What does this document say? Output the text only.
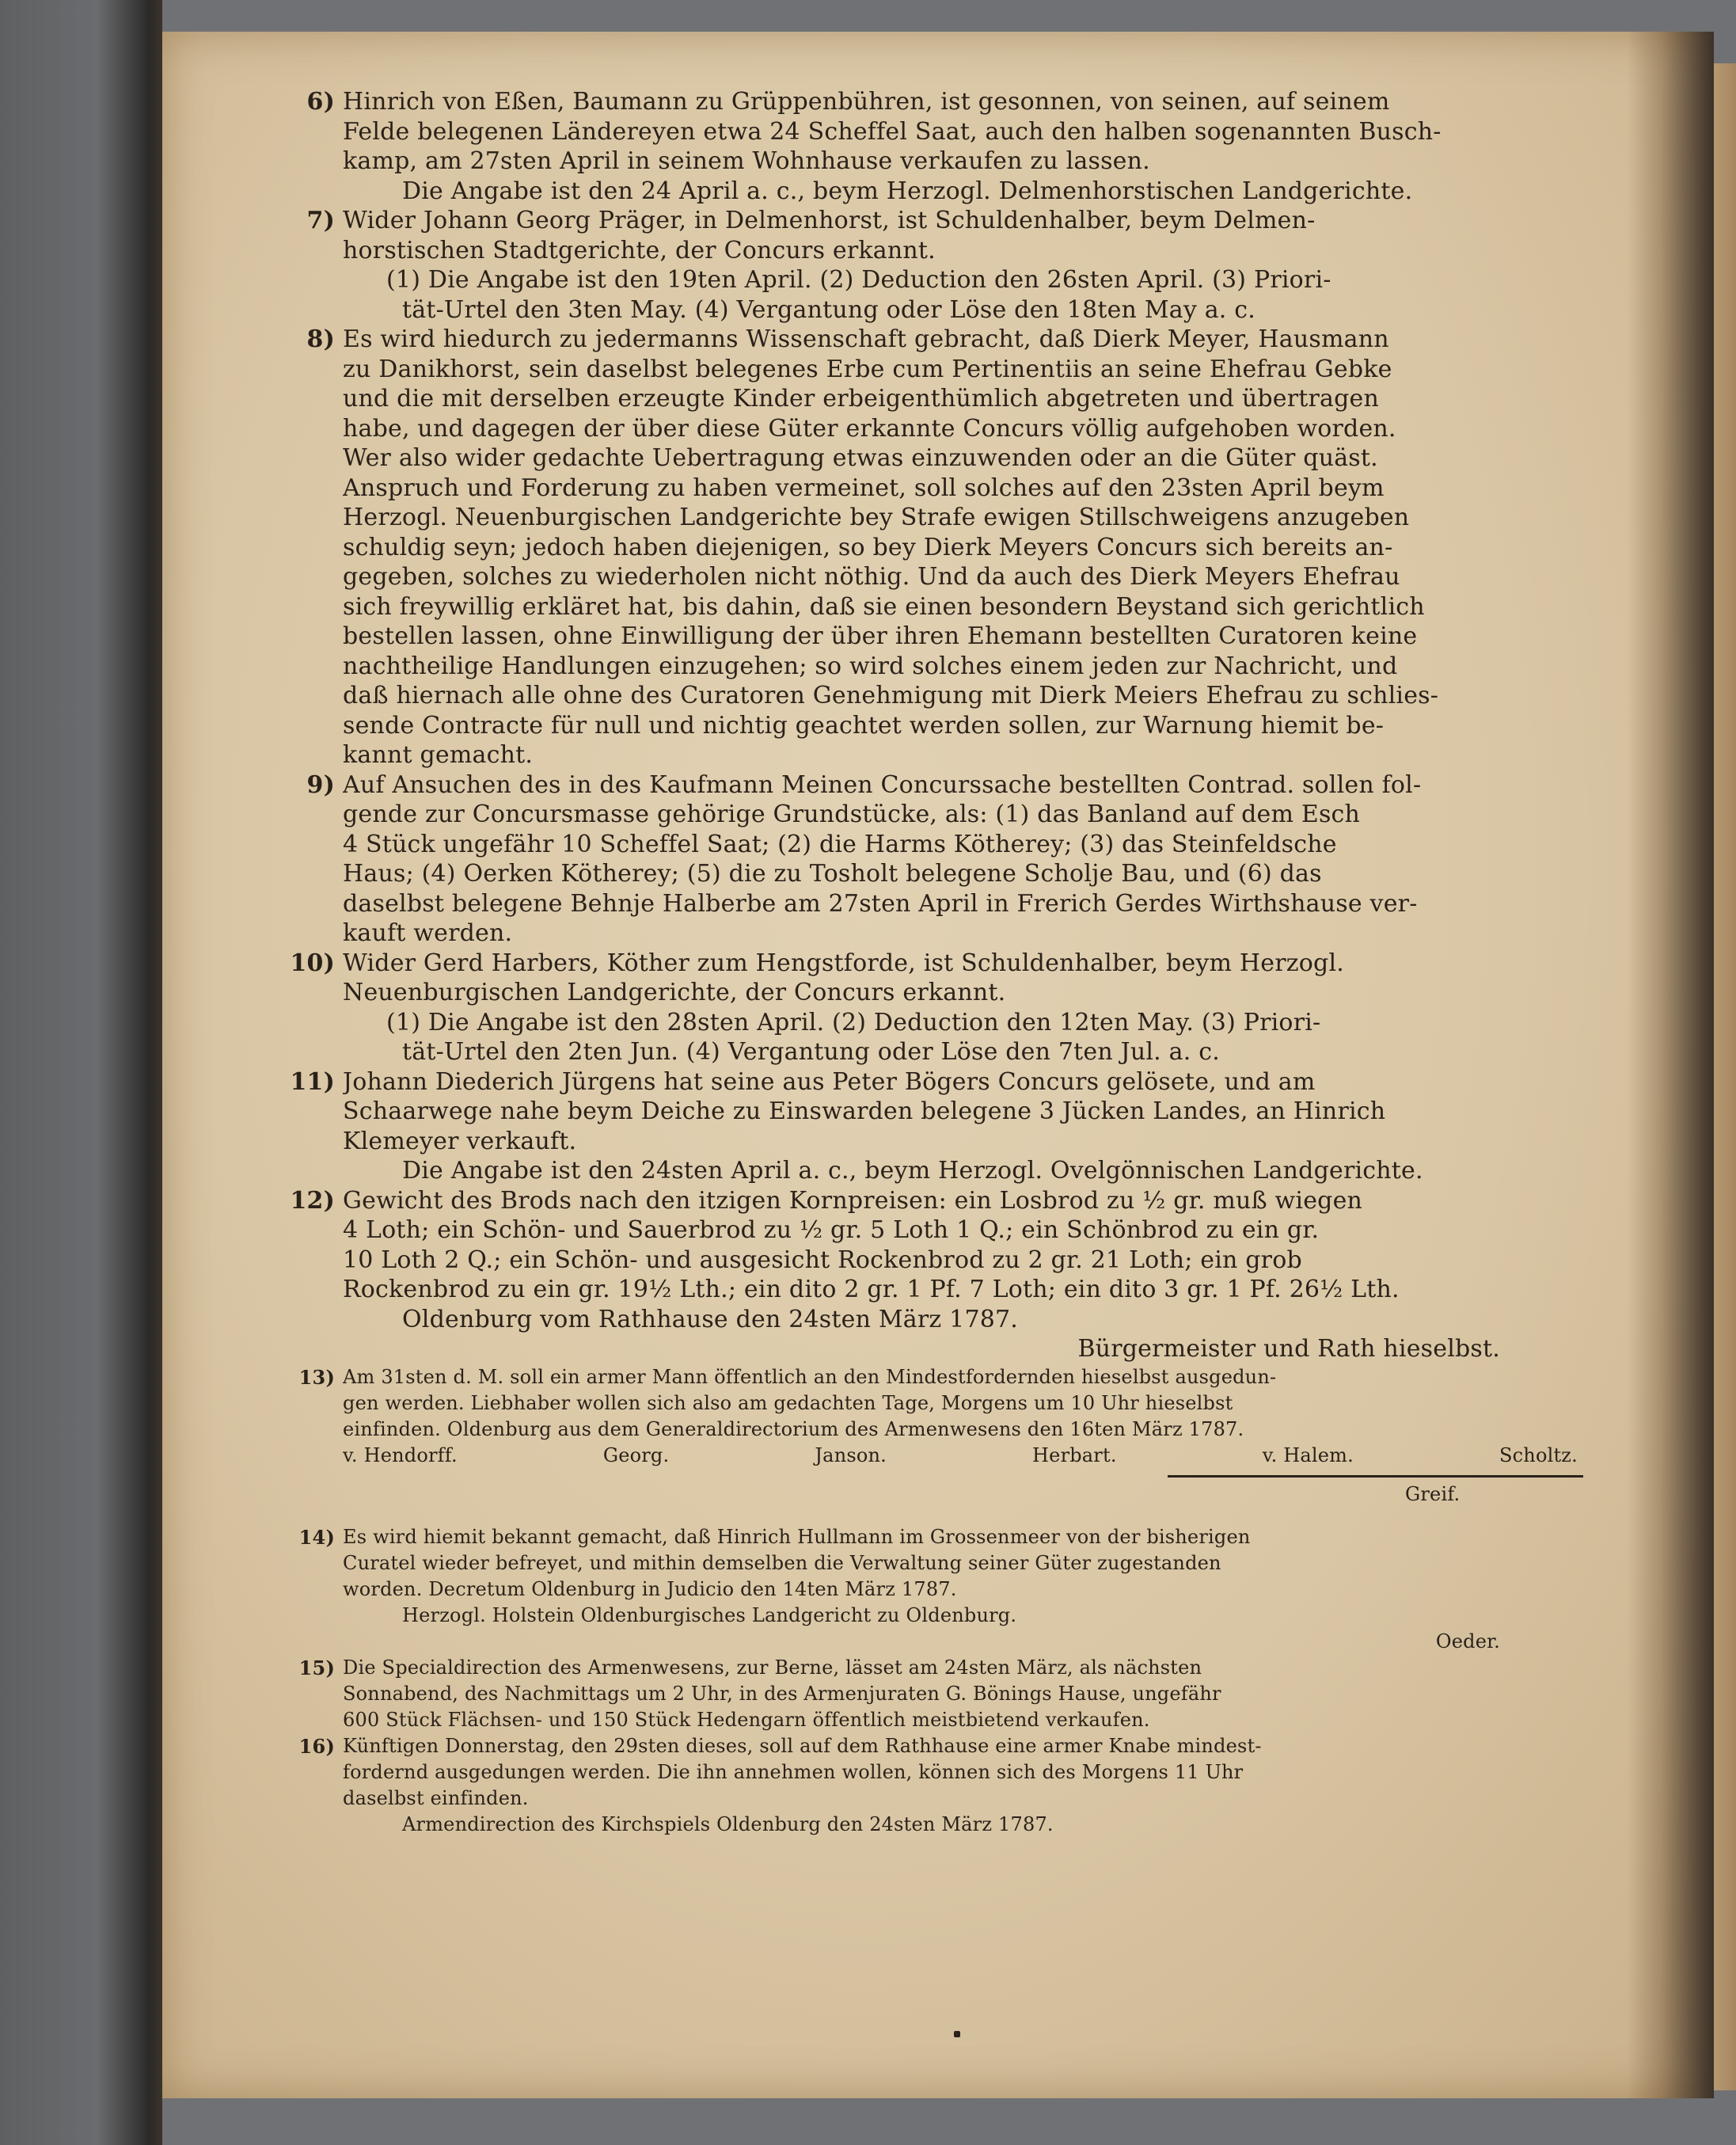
6) Hinrich von Eßen, Baumann zu Grüppenbühren, ist gesonnen, von seinen, auf seinem
Felde belegenen Ländereyen etwa 24 Scheffel Saat, auch den halben sogenannten Busch-
kamp, am 27sten April in seinem Wohnhause verkaufen zu lassen.
Die Angabe ist den 24 April a. c., beym Herzogl. Delmenhorstischen Landgerichte.
7) Wider Johann Georg Präger, in Delmenhorst, ist Schuldenhalber, beym Delmen-
horstischen Stadtgerichte, der Concurs erkannt.
(1) Die Angabe ist den 19ten April. (2) Deduction den 26sten April. (3) Priori-
tät-Urtel den 3ten May. (4) Vergantung oder Löse den 18ten May a. c.
8) Es wird hiedurch zu jedermanns Wissenschaft gebracht, daß Dierk Meyer, Hausmann
zu Danikhorst, sein daselbst belegenes Erbe cum Pertinentiis an seine Ehefrau Gebke
und die mit derselben erzeugte Kinder erbeigenthümlich abgetreten und übertragen
habe, und dagegen der über diese Güter erkannte Concurs völlig aufgehoben worden.
Wer also wider gedachte Uebertragung etwas einzuwenden oder an die Güter quäst.
Anspruch und Forderung zu haben vermeinet, soll solches auf den 23sten April beym
Herzogl. Neuenburgischen Landgerichte bey Strafe ewigen Stillschweigens anzugeben
schuldig seyn; jedoch haben diejenigen, so bey Dierk Meyers Concurs sich bereits an-
gegeben, solches zu wiederholen nicht nöthig. Und da auch des Dierk Meyers Ehefrau
sich freywillig erkläret hat, bis dahin, daß sie einen besondern Beystand sich gerichtlich
bestellen lassen, ohne Einwilligung der über ihren Ehemann bestellten Curatoren keine
nachtheilige Handlungen einzugehen; so wird solches einem jeden zur Nachricht, und
daß hiernach alle ohne des Curatoren Genehmigung mit Dierk Meiers Ehefrau zu schlies-
sende Contracte für null und nichtig geachtet werden sollen, zur Warnung hiemit be-
kannt gemacht.
9) Auf Ansuchen des in des Kaufmann Meinen Concurssache bestellten Contrad. sollen fol-
gende zur Concursmasse gehörige Grundstücke, als: (1) das Banland auf dem Esch
4 Stück ungefähr 10 Scheffel Saat; (2) die Harms Kötherey; (3) das Steinfeldsche
Haus; (4) Oerken Kötherey; (5) die zu Tosholt belegene Scholje Bau, und (6) das
daselbst belegene Behnje Halberbe am 27sten April in Frerich Gerdes Wirthshause ver-
kauft werden.
10) Wider Gerd Harbers, Köther zum Hengstforde, ist Schuldenhalber, beym Herzogl.
Neuenburgischen Landgerichte, der Concurs erkannt.
(1) Die Angabe ist den 28sten April. (2) Deduction den 12ten May. (3) Priori-
tät-Urtel den 2ten Jun. (4) Vergantung oder Löse den 7ten Jul. a. c.
11) Johann Diederich Jürgens hat seine aus Peter Bögers Concurs gelösete, und am
Schaarwege nahe beym Deiche zu Einswarden belegene 3 Jücken Landes, an Hinrich
Klemeyer verkauft.
Die Angabe ist den 24sten April a. c., beym Herzogl. Ovelgönnischen Landgerichte.
12) Gewicht des Brods nach den itzigen Kornpreisen: ein Losbrod zu ½ gr. muß wiegen
4 Loth; ein Schön- und Sauerbrod zu ½ gr. 5 Loth 1 Q.; ein Schönbrod zu ein gr.
10 Loth 2 Q.; ein Schön- und ausgesicht Rockenbrod zu 2 gr. 21 Loth; ein grob
Rockenbrod zu ein gr. 19½ Lth.; ein dito 2 gr. 1 Pf. 7 Loth; ein dito 3 gr. 1 Pf. 26½ Lth.
Oldenburg vom Rathhause den 24sten März 1787.
Bürgermeister und Rath hieselbst.
13) Am 31sten d. M. soll ein armer Mann öffentlich an den Mindestfordernden hieselbst ausgedun-
gen werden. Liebhaber wollen sich also am gedachten Tage, Morgens um 10 Uhr hieselbst
einfinden. Oldenburg aus dem Generaldirectorium des Armenwesens den 16ten März 1787.
v. Hendorff.	Georg.	Janson.	Herbart.	v. Halem.	Scholtz.
Greif.
14) Es wird hiemit bekannt gemacht, daß Hinrich Hullmann im Grossenmeer von der bisherigen
Curatel wieder befreyet, und mithin demselben die Verwaltung seiner Güter zugestanden
worden. Decretum Oldenburg in Judicio den 14ten März 1787.
Herzogl. Holstein Oldenburgisches Landgericht zu Oldenburg.
Oeder.
15) Die Specialdirection des Armenwesens, zur Berne, lässet am 24sten März, als nächsten
Sonnabend, des Nachmittags um 2 Uhr, in des Armenjuraten G. Bönings Hause, ungefähr
600 Stück Flächsen- und 150 Stück Hedengarn öffentlich meistbietend verkaufen.
16) Künftigen Donnerstag, den 29sten dieses, soll auf dem Rathhause eine armer Knabe mindest-
fordernd ausgedungen werden. Die ihn annehmen wollen, können sich des Morgens 11 Uhr
daselbst einfinden.
Armendirection des Kirchspiels Oldenburg den 24sten März 1787.
